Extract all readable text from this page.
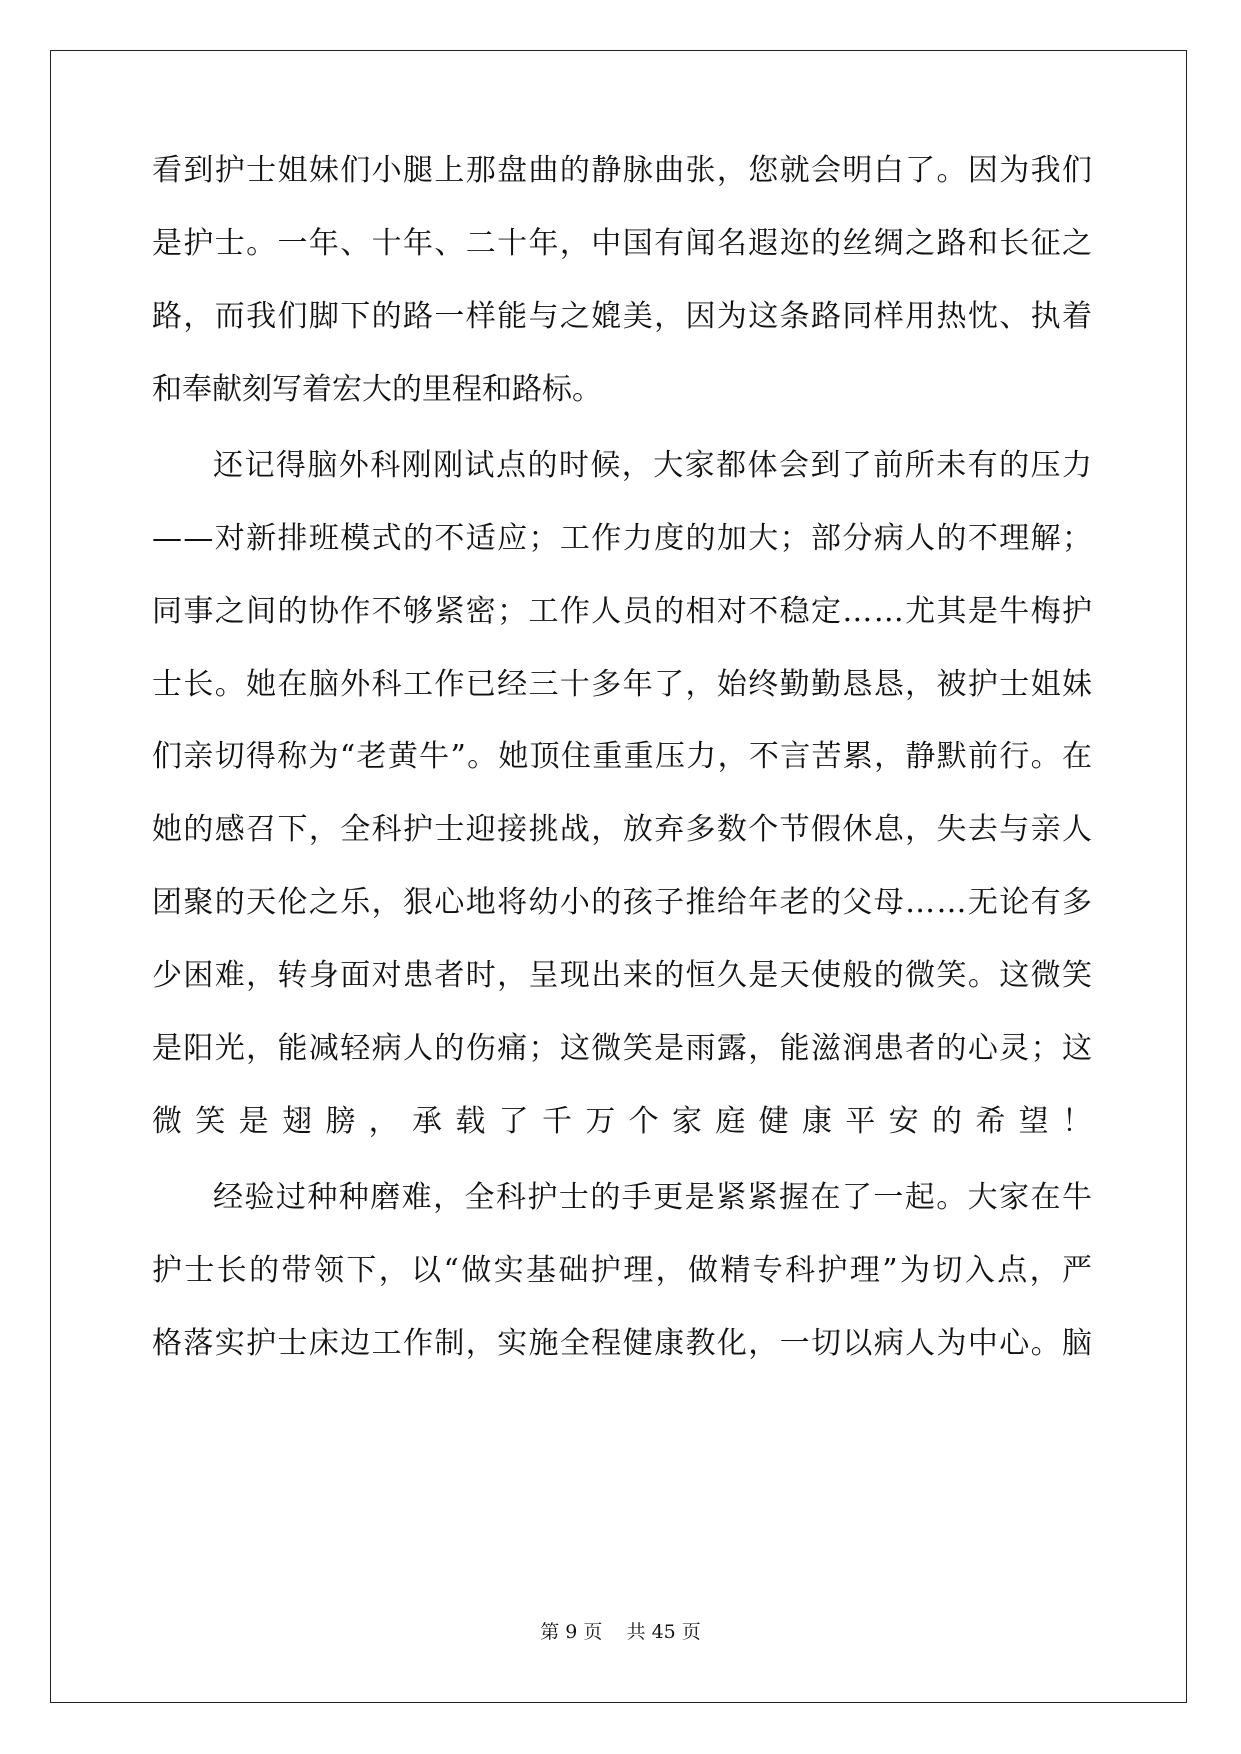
看到护士姐妹们小腿上那盘曲的静脉曲张，您就会明白了。因为我们
是护士。一年、十年、二十年，中国有闻名遐迩的丝绸之路和长征之
路，而我们脚下的路一样能与之媲美，因为这条路同样用热忱、执着
和奉献刻写着宏大的里程和路标。
还记得脑外科刚刚试点的时候，大家都体会到了前所未有的压力
——对新排班模式的不适应；工作力度的加大；部分病人的不理解；
同事之间的协作不够紧密；工作人员的相对不稳定……尤其是牛梅护
士长。她在脑外科工作已经三十多年了，始终勤勤恳恳，被护士姐妹
们亲切得称为“老黄牛”。她顶住重重压力，不言苦累，静默前行。在
她的感召下，全科护士迎接挑战，放弃多数个节假休息，失去与亲人
团聚的天伦之乐，狠心地将幼小的孩子推给年老的父母……无论有多
少困难，转身面对患者时，呈现出来的恒久是天使般的微笑。这微笑
是阳光，能减轻病人的伤痛；这微笑是雨露，能滋润患者的心灵；这
微笑是翅膀，承载了千万个家庭健康平安的希望！
经验过种种磨难，全科护士的手更是紧紧握在了一起。大家在牛
护士长的带领下，以“做实基础护理，做精专科护理”为切入点，严
格落实护士床边工作制，实施全程健康教化，一切以病人为中心。脑
第 9 页 共 45 页
